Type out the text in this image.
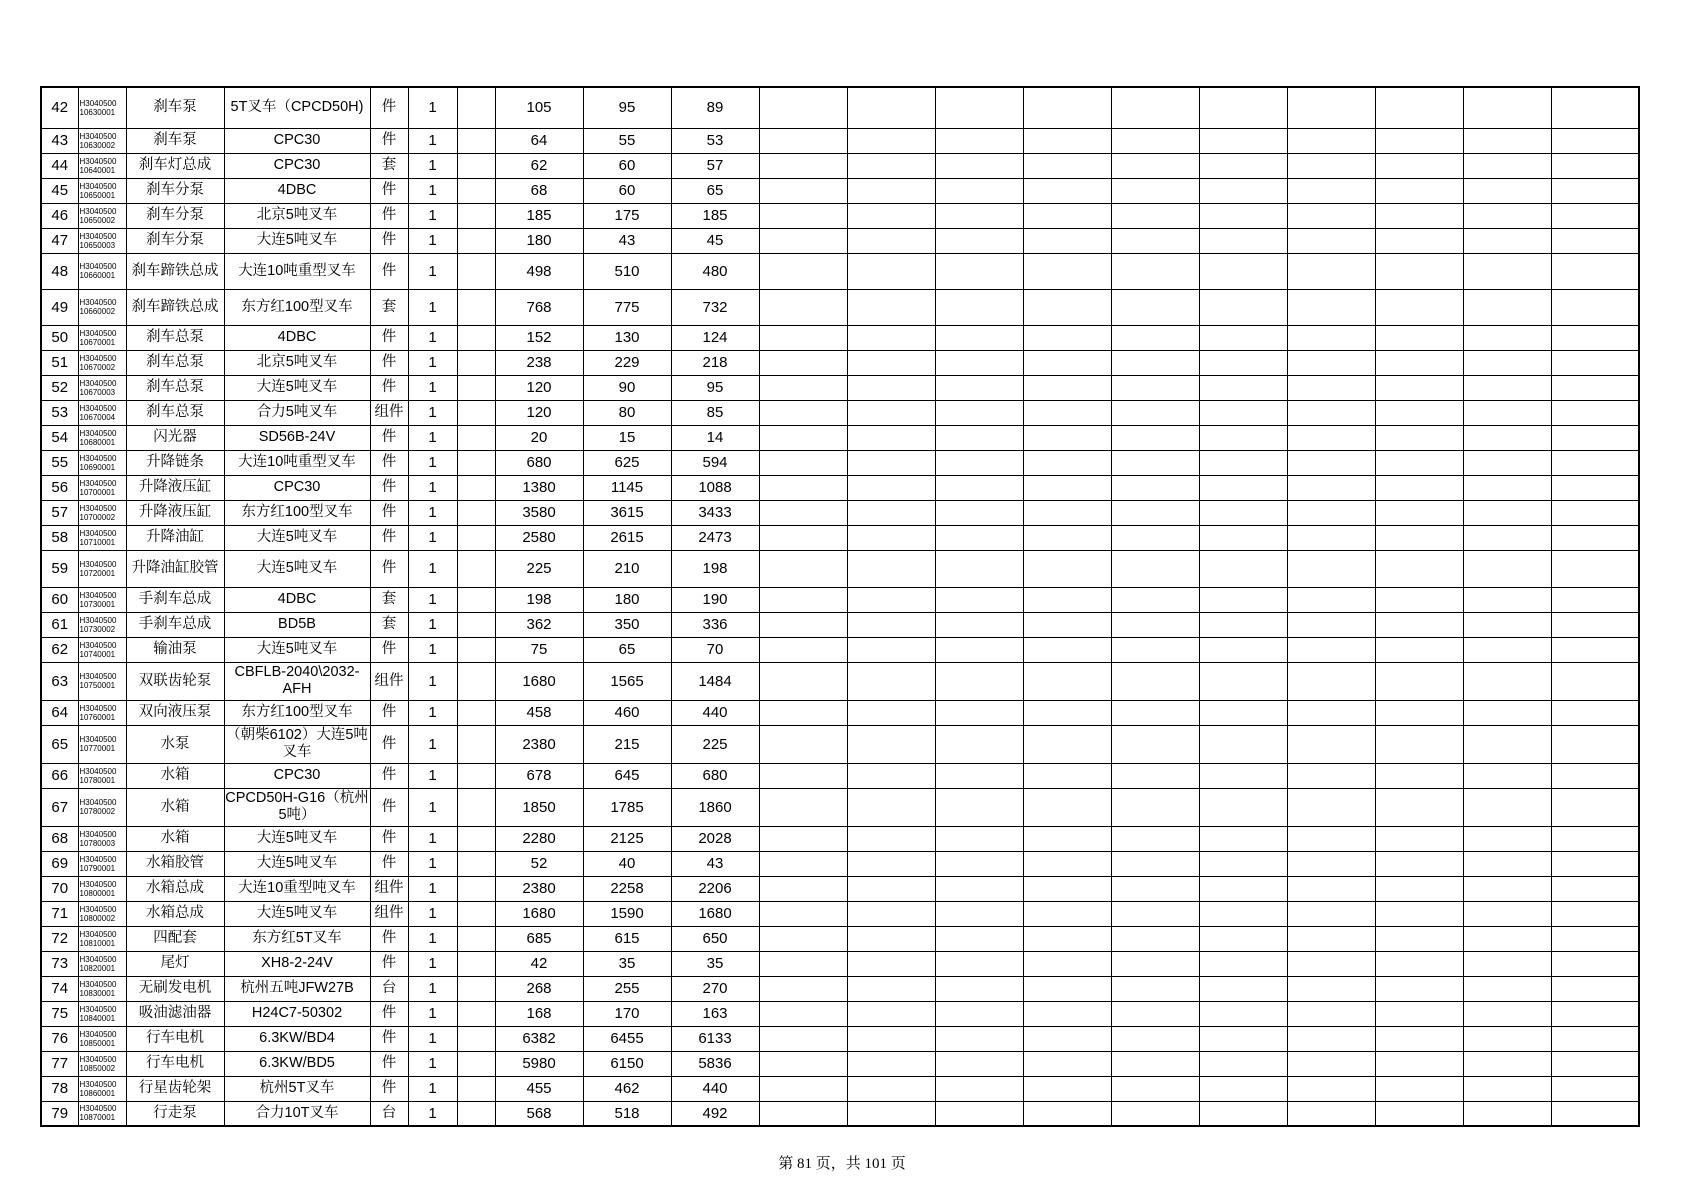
42	H3040500 10630001	刹车泵	5T叉车（CPCD50H)	件	1		105	95	89										
43	H3040500 10630002	刹车泵	CPC30	件	1		64	55	53										
44	H3040500 10640001	刹车灯总成	CPC30	套	1		62	60	57										
45	H3040500 10650001	刹车分泵	4DBC	件	1		68	60	65										
46	H3040500 10650002	刹车分泵	北京5吨叉车	件	1		185	175	185										
47	H3040500 10650003	刹车分泵	大连5吨叉车	件	1		180	43	45										
48	H3040500 10660001	刹车蹄铁总成	大连10吨重型叉车	件	1		498	510	480										
49	H3040500 10660002	刹车蹄铁总成	东方红100型叉车	套	1		768	775	732										
50	H3040500 10670001	刹车总泵	4DBC	件	1		152	130	124										
51	H3040500 10670002	刹车总泵	北京5吨叉车	件	1		238	229	218										
52	H3040500 10670003	刹车总泵	大连5吨叉车	件	1		120	90	95										
53	H3040500 10670004	刹车总泵	合力5吨叉车	组件	1		120	80	85										
54	H3040500 10680001	闪光器	SD56B-24V	件	1		20	15	14										
55	H3040500 10690001	升降链条	大连10吨重型叉车	件	1		680	625	594										
56	H3040500 10700001	升降液压缸	CPC30	件	1		1380	1145	1088										
57	H3040500 10700002	升降液压缸	东方红100型叉车	件	1		3580	3615	3433										
58	H3040500 10710001	升降油缸	大连5吨叉车	件	1		2580	2615	2473										
59	H3040500 10720001	升降油缸胶管	大连5吨叉车	件	1		225	210	198										
60	H3040500 10730001	手刹车总成	4DBC	套	1		198	180	190										
61	H3040500 10730002	手刹车总成	BD5B	套	1		362	350	336										
62	H3040500 10740001	输油泵	大连5吨叉车	件	1		75	65	70										
63	H3040500 10750001	双联齿轮泵	CBFLB-2040\2032-AFH	组件	1		1680	1565	1484										
64	H3040500 10760001	双向液压泵	东方红100型叉车	件	1		458	460	440										
65	H3040500 10770001	水泵	（朝柴6102）大连5吨叉车	件	1		2380	215	225										
66	H3040500 10780001	水箱	CPC30	件	1		678	645	680										
67	H3040500 10780002	水箱	CPCD50H-G16（杭州5吨）	件	1		1850	1785	1860										
68	H3040500 10780003	水箱	大连5吨叉车	件	1		2280	2125	2028										
69	H3040500 10790001	水箱胶管	大连5吨叉车	件	1		52	40	43										
70	H3040500 10800001	水箱总成	大连10重型吨叉车	组件	1		2380	2258	2206										
71	H3040500 10800002	水箱总成	大连5吨叉车	组件	1		1680	1590	1680										
72	H3040500 10810001	四配套	东方红5T叉车	件	1		685	615	650										
73	H3040500 10820001	尾灯	XH8-2-24V	件	1		42	35	35										
74	H3040500 10830001	无刷发电机	杭州五吨JFW27B	台	1		268	255	270										
75	H3040500 10840001	吸油滤油器	H24C7-50302	件	1		168	170	163										
76	H3040500 10850001	行车电机	6.3KW/BD4	件	1		6382	6455	6133										
77	H3040500 10850002	行车电机	6.3KW/BD5	件	1		5980	6150	5836										
78	H3040500 10860001	行星齿轮架	杭州5T叉车	件	1		455	462	440										
79	H3040500 10870001	行走泵	合力10T叉车	台	1		568	518	492										
第 81 页，共 101 页
